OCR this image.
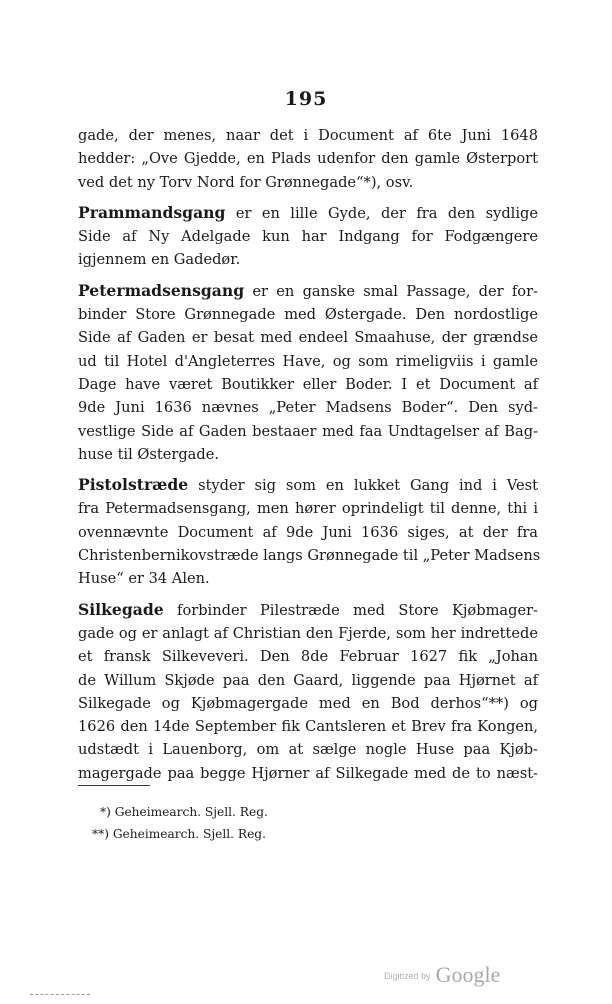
195
gade, der menes, naar det i Document af 6te Juni 1648
hedder: „Ove Gjedde, en Plads udenfor den gamle Østerport
ved det ny Torv Nord for Grønnegade“*), osv.
Prammandsgang er en lille Gyde, der fra den sydlige
Side af Ny Adelgade kun har Indgang for Fodgængere
igjennem en Gadedør.
Petermadsensgang er en ganske smal Passage, der for-
binder Store Grønnegade med Østergade. Den nordostlige
Side af Gaden er besat med endeel Smaahuse, der grændse
ud til Hotel d'Angleterres Have, og som rimeligviis i gamle
Dage have været Boutikker eller Boder. I et Document af
9de Juni 1636 nævnes „Peter Madsens Boder“. Den syd-
vestlige Side af Gaden bestaaer med faa Undtagelser af Bag-
huse til Østergade.
Pistolstræde styder sig som en lukket Gang ind i Vest
fra Petermadsensgang, men hører oprindeligt til denne, thi i
ovennævnte Document af 9de Juni 1636 siges, at der fra
Christenbernikovstræde langs Grønnegade til „Peter Madsens
Huse“ er 34 Alen.
Silkegade forbinder Pilestræde med Store Kjøbmager-
gade og er anlagt af Christian den Fjerde, som her indrettede
et fransk Silkeveveri. Den 8de Februar 1627 fik „Johan
de Willum Skjøde paa den Gaard, liggende paa Hjørnet af
Silkegade og Kjøbmagergade med en Bod derhos“**) og
1626 den 14de September fik Cantsleren et Brev fra Kongen,
udstædt i Lauenborg, om at sælge nogle Huse paa Kjøb-
magergade paa begge Hjørner af Silkegade med de to næst-
*) Geheimearch. Sjell. Reg.
**) Geheimearch. Sjell. Reg.
Digitized by Google
